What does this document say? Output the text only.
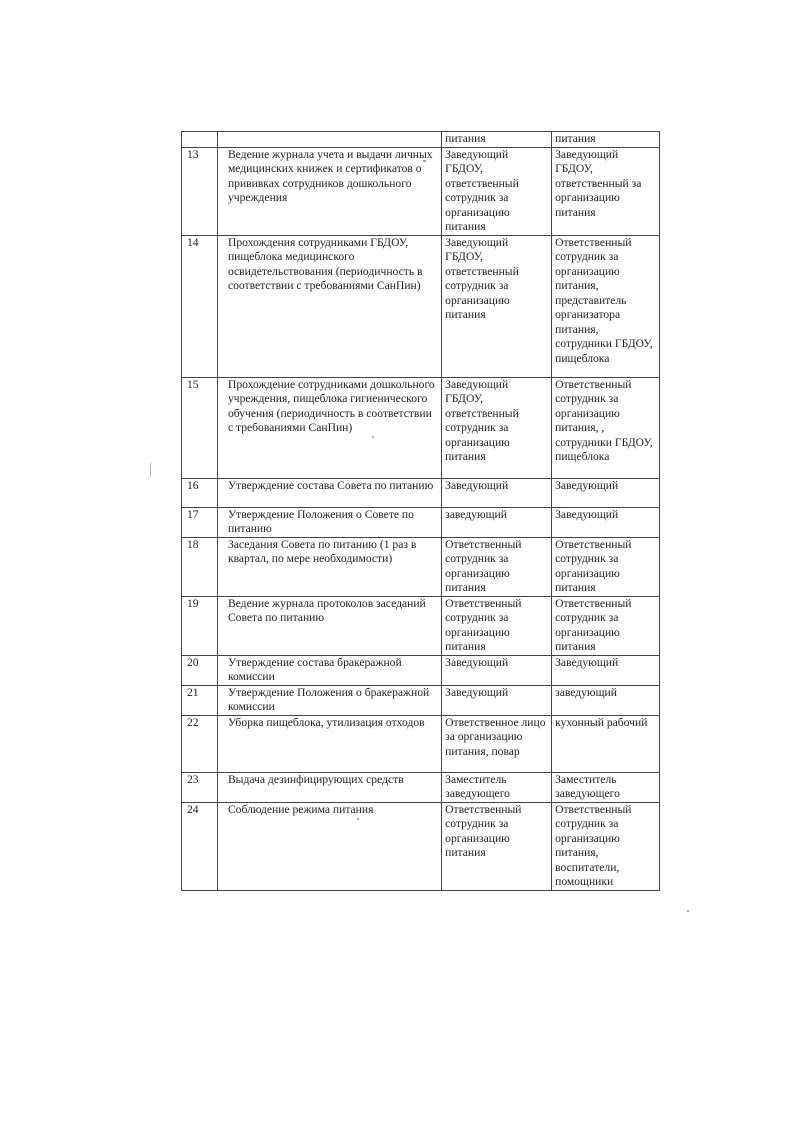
		питания	питания
13	Ведение журнала учета и выдачи личных медицинских книжек и сертификатов о прививках сотрудников дошкольного учреждения	Заведующий ГБДОУ, ответственный сотрудник за организацию питания	Заведующий ГБДОУ, ответственный за организацию питания
14	Прохождения сотрудниками ГБДОУ, пищеблока медицинского освидетельствования (периодичность в соответствии с требованиями СанПин)	Заведующий ГБДОУ, ответственный сотрудник за организацию питания	Ответственный сотрудник за организацию питания, представитель организатора питания, сотрудники ГБДОУ, пищеблока
15	Прохождение сотрудниками дошкольного учреждения, пищеблока гигиенического обучения (периодичность в соответствии с требованиями СанПин)	Заведующий ГБДОУ, ответственный сотрудник за организацию питания	Ответственный сотрудник за организацию питания, , сотрудники ГБДОУ, пищеблока
16	Утверждение состава Совета по питанию	Заведующий	Заведующий
17	Утверждение Положения о Совете по питанию	заведующий	Заведующий
18	Заседания Совета по питанию (1 раз в квартал, по мере необходимости)	Ответственный сотрудник за организацию питания	Ответственный сотрудник за организацию питания
19	Ведение журнала протоколов заседаний Совета по питанию	Ответственный сотрудник за организацию питания	Ответственный сотрудник за организацию питания
20	Утверждение состава бракеражной комиссии	Заведующий	Заведующий
21	Утверждение Положения о бракеражной комиссии	Заведующий	заведующий
22	Уборка пищеблока, утилизация отходов	Ответственное лицо за организацию питания, повар	кухонный рабочий
23	Выдача дезинфицирующих средств	Заместитель заведующего	Заместитель заведующего
24	Соблюдение режима питания	Ответственный сотрудник за организацию питания	Ответственный сотрудник за организацию питания, воспитатели, помощники
